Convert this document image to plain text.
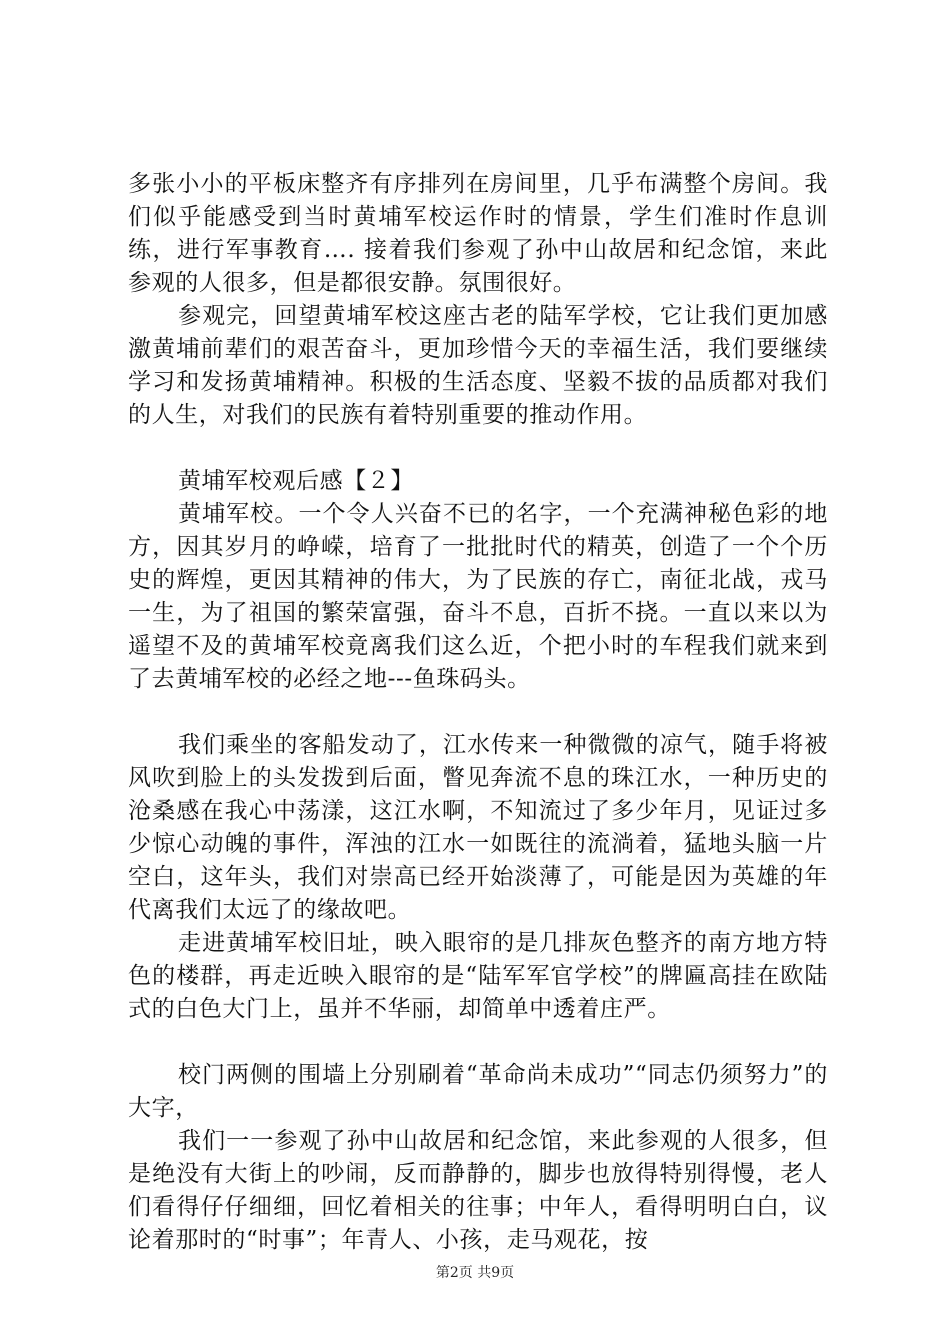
多张小小的平板床整齐有序排列在房间里，几乎布满整个房间。我们似乎能感受到当时黄埔军校运作时的情景，学生们准时作息训练，进行军事教育…. 接着我们参观了孙中山故居和纪念馆，来此参观的人很多，但是都很安静。氛围很好。

参观完，回望黄埔军校这座古老的陆军学校，它让我们更加感激黄埔前辈们的艰苦奋斗，更加珍惜今天的幸福生活，我们要继续学习和发扬黄埔精神。积极的生活态度、坚毅不拔的品质都对我们的人生，对我们的民族有着特别重要的推动作用。

黄埔军校观后感【２】

黄埔军校。一个令人兴奋不已的名字，一个充满神秘色彩的地方，因其岁月的峥嵘，培育了一批批时代的精英，创造了一个个历史的辉煌，更因其精神的伟大，为了民族的存亡，南征北战，戎马一生，为了祖国的繁荣富强，奋斗不息，百折不挠。一直以来以为遥望不及的黄埔军校竟离我们这么近，个把小时的车程我们就来到了去黄埔军校的必经之地---鱼珠码头。

我们乘坐的客船发动了，江水传来一种微微的凉气，随手将被风吹到脸上的头发拨到后面，瞥见奔流不息的珠江水，一种历史的沧桑感在我心中荡漾，这江水啊，不知流过了多少年月，见证过多少惊心动魄的事件，浑浊的江水一如既往的流淌着，猛地头脑一片空白，这年头，我们对崇高已经开始淡薄了，可能是因为英雄的年代离我们太远了的缘故吧。

走进黄埔军校旧址，映入眼帘的是几排灰色整齐的南方地方特色的楼群，再走近映入眼帘的是“陆军军官学校”的牌匾高挂在欧陆式的白色大门上，虽并不华丽，却简单中透着庄严。

校门两侧的围墙上分别刷着“革命尚未成功”“同志仍须努力”的大字，

我们一一参观了孙中山故居和纪念馆，来此参观的人很多，但是绝没有大街上的吵闹，反而静静的，脚步也放得特别得慢，老人们看得仔仔细细，回忆着相关的往事；中年人，看得明明白白，议论着那时的“时事”；年青人、小孩，走马观花，按

第2页 共9页
